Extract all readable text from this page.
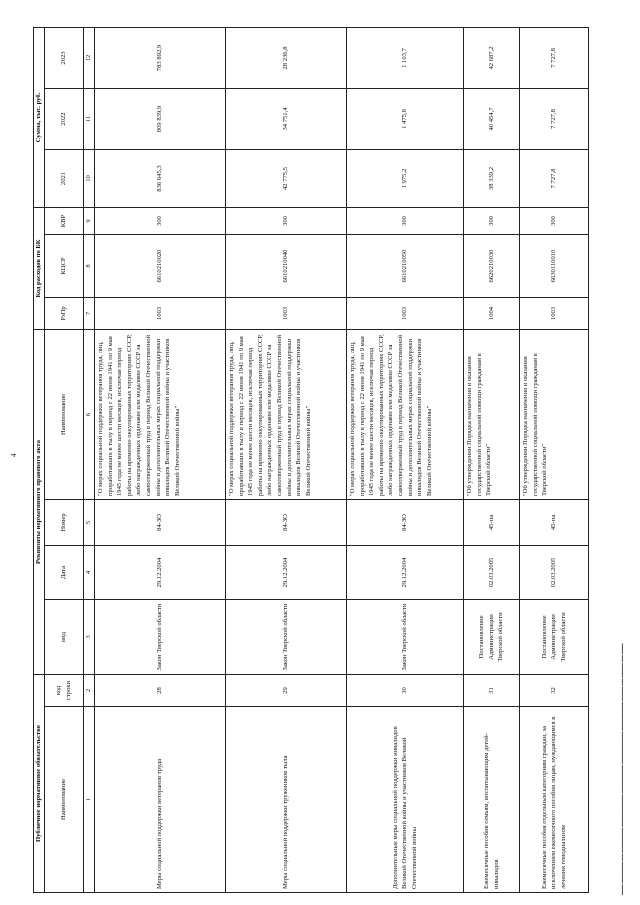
4
Публичное нормативное обязательство		Реквизиты нормативного правового акта				Код расходов по БК			Сумма, тыс. руб.		
Наименование	код строки	вид	Дата	Номер	Наименование	РзПр	КЦСР	КВР	2021	2022	2023
1	2	3	4	5	6	7	8	9	10	11	12
Меры социальной поддержки ветеранов труда	28	Закон Тверской области	29.12.2004	84-ЗО	"О мерах социальной поддержки ветеранов труда, лиц, проработавших в тылу в период с 22 июня 1941 по 9 мая 1945 года не менее шести месяцев, исключая период работы на временно оккупированных территориях СССР, либо награжденных орденами или медалями СССР за самоотверженный труд в период Великой Отечественной войны и дополнительных мерах социальной поддержки инвалидов Великой Отечественной войны и участников Великой Отечественной войны"	1003	6610210020	300	836 645,3	809 839,9	783 892,9
Меры социальной поддержки тружеников тыла	29	Закон Тверской области	29.12.2004	84-ЗО	"О мерах социальной поддержки ветеранов труда, лиц, проработавших в тылу в период с 22 июня 1941 по 9 мая 1945 года не менее шести месяцев, исключая период работы на временно оккупированных территориях СССР, либо награжденных орденами или медалями СССР за самоотверженный труд в период Великой Отечественной войны и дополнительных мерах социальной поддержки инвалидов Великой Отечественной войны и участников Великой Отечественной войны"	1003	6610210040	300	42 775,5	34 751,4	28 236,8
Дополнительные меры социальной поддержки инвалидов Великой Отечественной войны и участников Великой Отечественной войны	30	Закон Тверской области	29.12.2004	84-ЗО	"О мерах социальной поддержки ветеранов труда, лиц, проработавших в тылу в период с 22 июня 1941 по 9 мая 1945 года не менее шести месяцев, исключая период работы на временно оккупированных территориях СССР, либо награжденных орденами или медалями СССР за самоотверженный труд в период Великой Отечественной войны и дополнительных мерах социальной поддержки инвалидов Великой Отечественной войны и участников Великой Отечественной войны"	1003	6610210050	300	1 975,2	1 475,8	1 103,7
Ежемесячные пособия семьям, воспитывающим детей-инвалидов	31	Постановление Администрации Тверской области	02.03.2005	45-па	"Об утверждении Порядка назначения и оказания государственной социальной помощи гражданам в Тверской области"	1004	6620210030	300	38 339,2	40 454,7	42 687,2
Ежемесячные пособия отдельным категориям граждан, за исключением ежемесячного пособия лицам, нуждающимся в лечении гемодиализом	32	Постановление Администрации Тверской области	02.03.2005	45-па	"Об утверждении Порядка назначения и оказания государственной социальной помощи гражданам в Тверской области"	1003	6630110010	300	7 727,8	7 727,8	7 727,8
▬▬▬ ▬▬▬▬▬▬ ▬▬ ▬▬▬▬▬▬▬ ▬▬▬▬▬▬▬▬▬ ▬▬▬▬▬▬▬▬ ▬▬▬▬▬▬▬▬▬ ▬▬▬▬▬▬▬▬ ▬▬▬▬ ▬▬ ▬▬▬▬ ▬▬ ▬▬▬
